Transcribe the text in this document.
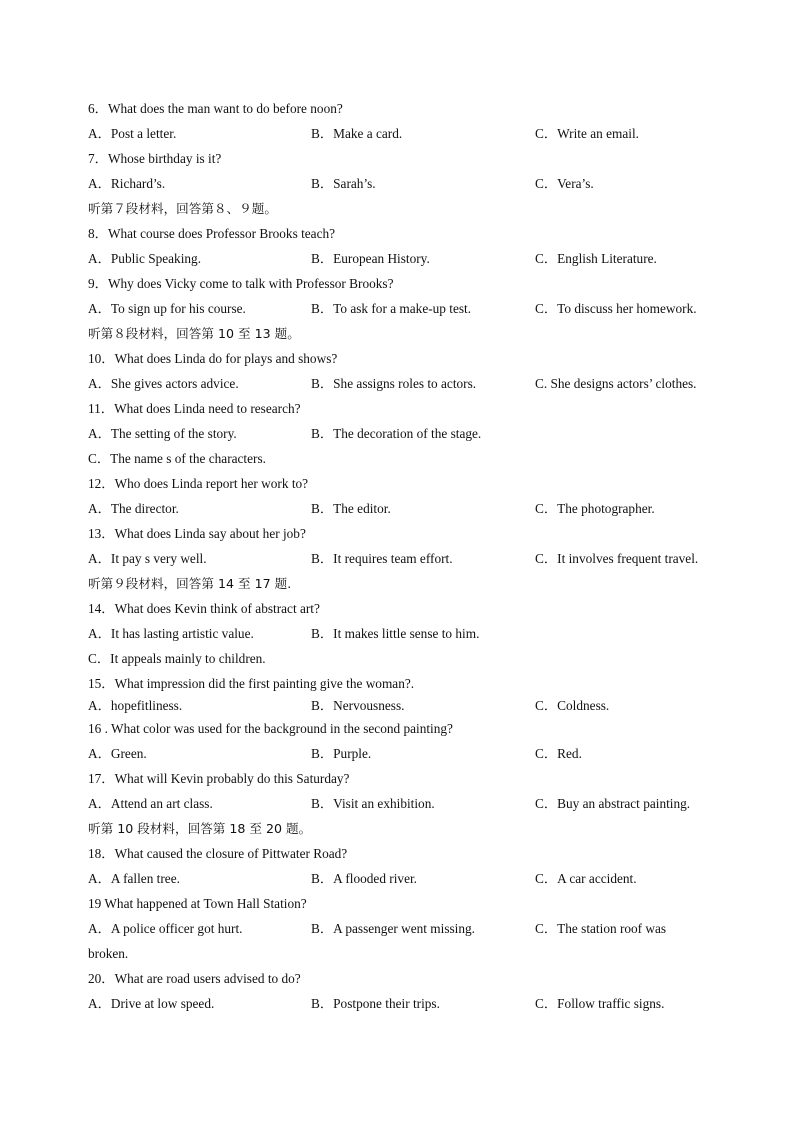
6．What does the man want to do before noon?
A．Post a letter.	B．Make a card.	C．Write an email.
7．Whose birthday is it?
A．Richard’s.	B．Sarah’s.	C．Vera’s.
听第７段材料，回答第８、９题。
8．What course does Professor Brooks teach?
A．Public Speaking.	B．European History.	C．English Literature.
9．Why does Vicky come to talk with Professor Brooks?
A．To sign up for his course.	B．To ask for a make-up test.	C．To discuss her homework.
听第８段材料，回答第 10 至 13 题。
10．What does Linda do for plays and shows?
A．She gives actors advice.	B．She assigns roles to actors.	C. She designs actors’ clothes.
11．What does Linda need to research?
A．The setting of the story.	B．The decoration of the stage.
C．The name s of the characters.
12．Who does Linda report her work to?
A．The director.	B．The editor.	C．The photographer.
13．What does Linda say about her job?
A．It pay s very well.	B．It requires team effort.	C．It involves frequent travel.
听第９段材料，回答第 14 至 17 题.
14．What does Kevin think of abstract art?
A．It has lasting artistic value.	B．It makes little sense to him.
C．It appeals mainly to children.
15．What impression did the first painting give the woman?.
A．hopefitliness.	B．Nervousness.	C．Coldness.
16 . What color was used for the background in the second painting?
A．Green.	B．Purple.	C．Red.
17．What will Kevin probably do this Saturday?
A．Attend an art class.	B．Visit an exhibition.	C．Buy an abstract painting.
听第 10 段材料，回答第 18 至 20 题。
18．What caused the closure of Pittwater Road?
A．A fallen tree.	B．A flooded river.	C．A car accident.
19 What happened at Town Hall Station?
A．A police officer got hurt.	B．A passenger went missing.	C．The station roof was
broken.
20．What are road users advised to do?
A．Drive at low speed.	B．Postpone their trips.	C．Follow traffic signs.
